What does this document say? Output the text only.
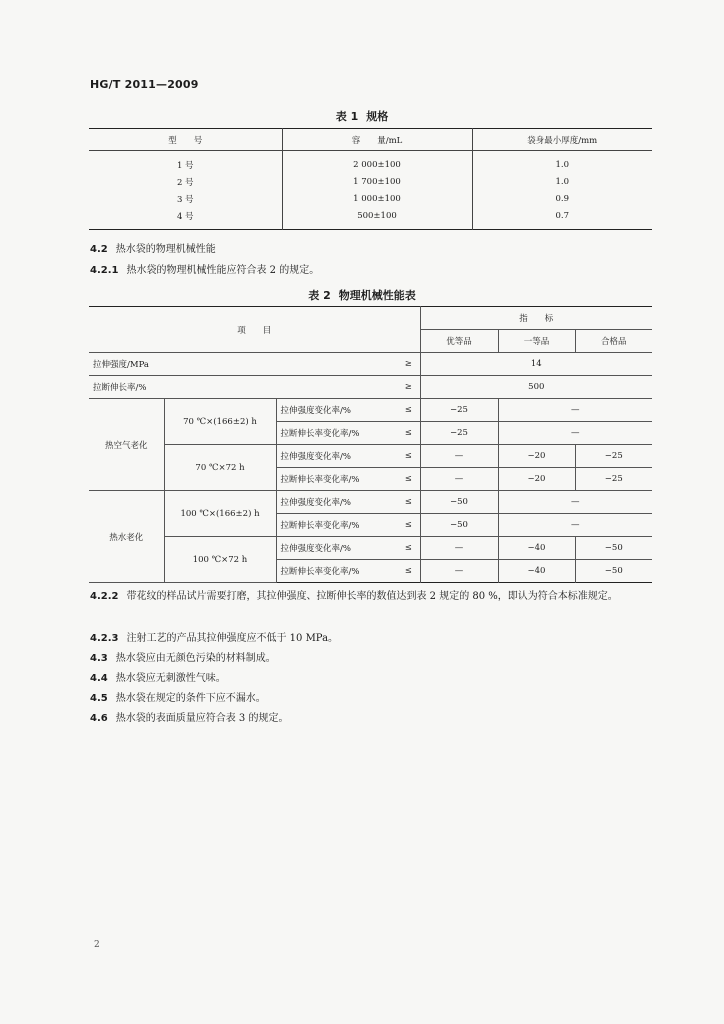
HG/T 2011—2009
表 1 规格
型　　号	容　　量/mL	袋身最小厚度/mm
1 号	2 000±100	1.0
2 号	1 700±100	1.0
3 号	1 000±100	0.9
4 号	500±100	0.7
4.2 热水袋的物理机械性能
4.2.1 热水袋的物理机械性能应符合表 2 的规定。
表 2 物理机械性能表
项　　目				指　　标		
				优等品	一等品	合格品
拉伸强度/MPa			≥	14		
拉断伸长率/%			≥	500		
热空气老化	70 ℃×(166±2) h	拉伸强度变化率/%	≤	−25	—	
		拉断伸长率变化率/%	≤	−25	—	
	70 ℃×72 h	拉伸强度变化率/%	≤	—	−20	−25
		拉断伸长率变化率/%	≤	—	−20	−25
热水老化	100 ℃×(166±2) h	拉伸强度变化率/%	≤	−50	—	
		拉断伸长率变化率/%	≤	−50	—	
	100 ℃×72 h	拉伸强度变化率/%	≤	—	−40	−50
		拉断伸长率变化率/%	≤	—	−40	−50
4.2.2 带花纹的样品试片需要打磨，其拉伸强度、拉断伸长率的数值达到表 2 规定的 80 %，即认为符合本标准规定。
4.2.3 注射工艺的产品其拉伸强度应不低于 10 MPa。
4.3 热水袋应由无颜色污染的材料制成。
4.4 热水袋应无刺激性气味。
4.5 热水袋在规定的条件下应不漏水。
4.6 热水袋的表面质量应符合表 3 的规定。
2
